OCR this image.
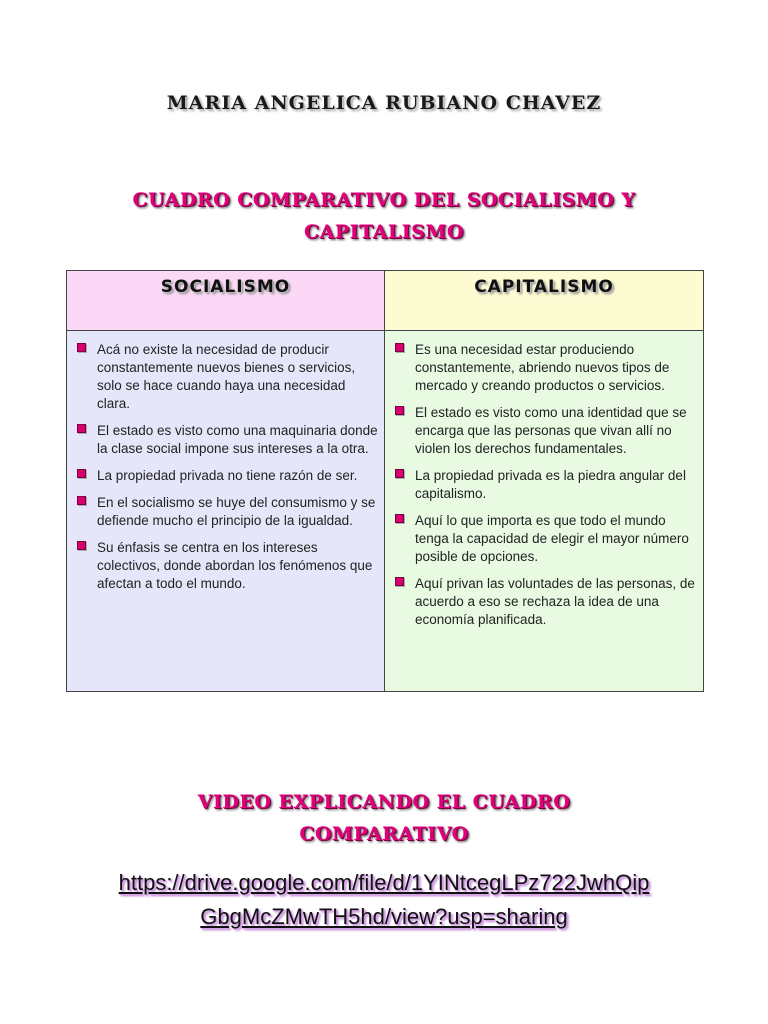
MARIA ANGELICA RUBIANO CHAVEZ
CUADRO COMPARATIVO DEL SOCIALISMO Y
CAPITALISMO
SOCIALISMO	CAPITALISMO
Acá no existe la necesidad de producir constantemente nuevos bienes o servicios, solo se hace cuando haya una necesidad clara.
El estado es visto como una maquinaria donde la clase social impone sus intereses a la otra.
La propiedad privada no tiene razón de ser.
En el socialismo se huye del consumismo y se defiende mucho el principio de la igualdad.
Su énfasis se centra en los intereses colectivos, donde abordan los fenómenos que afectan a todo el mundo.
Es una necesidad estar produciendo constantemente, abriendo nuevos tipos de mercado y creando productos o servicios.
El estado es visto como una identidad que se encarga que las personas que vivan allí no violen los derechos fundamentales.
La propiedad privada es la piedra angular del capitalismo.
Aquí lo que importa es que todo el mundo tenga la capacidad de elegir el mayor número posible de opciones.
Aquí privan las voluntades de las personas, de acuerdo a eso se rechaza la idea de una economía planificada.
VIDEO EXPLICANDO EL CUADRO
COMPARATIVO
https://drive.google.com/file/d/1YINtcegLPz722JwhQip
GbgMcZMwTH5hd/view?usp=sharing
